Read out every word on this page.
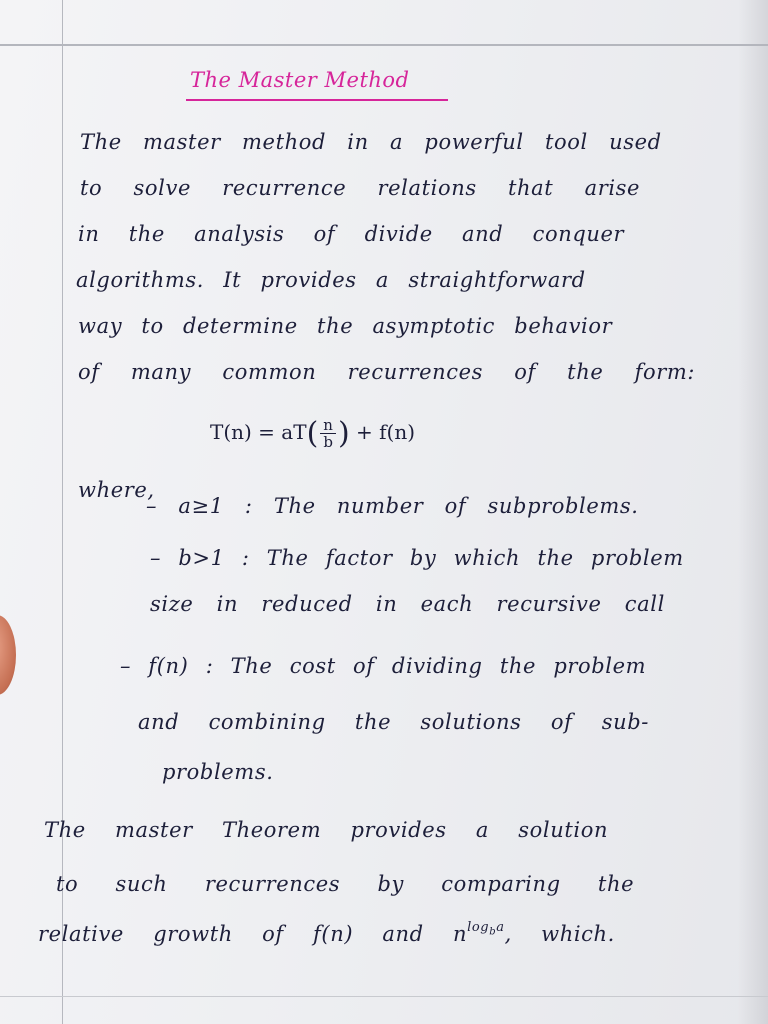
The Master Method
The master method in a powerful tool used
to solve recurrence relations that arise
in the analysis of divide and conquer
algorithms. It provides a straightforward
way to determine the asymptotic behavior
of many common recurrences of the form:
$T(n) = aT( \frac{n}{b}$ ) + f(n)
where,
– a≥1 : The number of subproblems.
– b>1 : The factor by which the problem
size in reduced in each recursive call
– f(n) : The cost of dividing the problem
and combining the solutions of sub-
problems.
The master Theorem provides a solution
to such recurrences by comparing the
relative growth of f(n) and $n^{log_ba}$, which.
